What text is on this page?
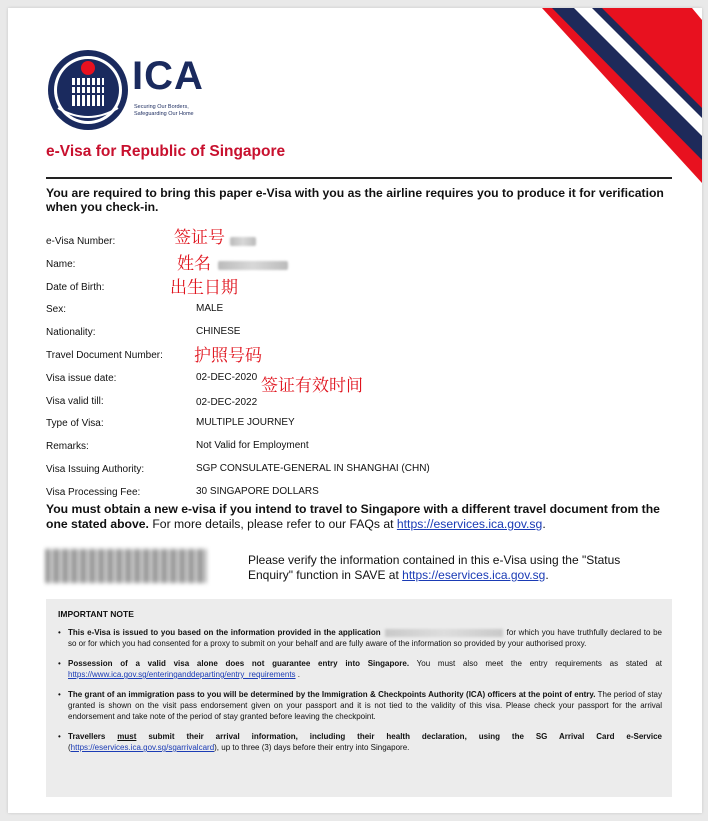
ICA
Securing Our Borders,
Safeguarding Our Home
e-Visa for Republic of Singapore
You are required to bring this paper e-Visa with you as the airline requires you to produce it for verification when you check-in.
e-Visa Number:	签证号
Name:	姓名
Date of Birth:	出生日期
Sex:	MALE
Nationality:	CHINESE
Travel Document Number: 护照号码
Visa issue date:	02-DEC-2020
Visa valid till:	02-DEC-2022
签证有效时间
Type of Visa:	MULTIPLE JOURNEY
Remarks:	Not Valid for Employment
Visa Issuing Authority:	SGP CONSULATE-GENERAL IN SHANGHAI (CHN)
Visa Processing Fee:	30 SINGAPORE DOLLARS
You must obtain a new e-visa if you intend to travel to Singapore with a different travel document from the one stated above. For more details, please refer to our FAQs at https://eservices.ica.gov.sg.
Please verify the information contained in this e-Visa using the "Status Enquiry" function in SAVE at https://eservices.ica.gov.sg.
IMPORTANT NOTE
• This e-Visa is issued to you based on the information provided in the application	for which you have truthfully declared to be so or for which you had consented for a proxy to submit on your behalf and are fully aware of the information so provided by your authorised proxy.
• Possession of a valid visa alone does not guarantee entry into Singapore. You must also meet the entry requirements as stated at https://www.ica.gov.sg/enteringanddeparting/entry_requirements .
• The grant of an immigration pass to you will be determined by the Immigration & Checkpoints Authority (ICA) officers at the point of entry. The period of stay granted is shown on the visit pass endorsement given on your passport and it is not tied to the validity of this visa. Please check your passport for the arrival endorsement and take note of the period of stay granted before leaving the checkpoint.
• Travellers must submit their arrival information, including their health declaration, using the SG Arrival Card e-Service (https://eservices.ica.gov.sg/sgarrivalcard), up to three (3) days before their entry into Singapore.
